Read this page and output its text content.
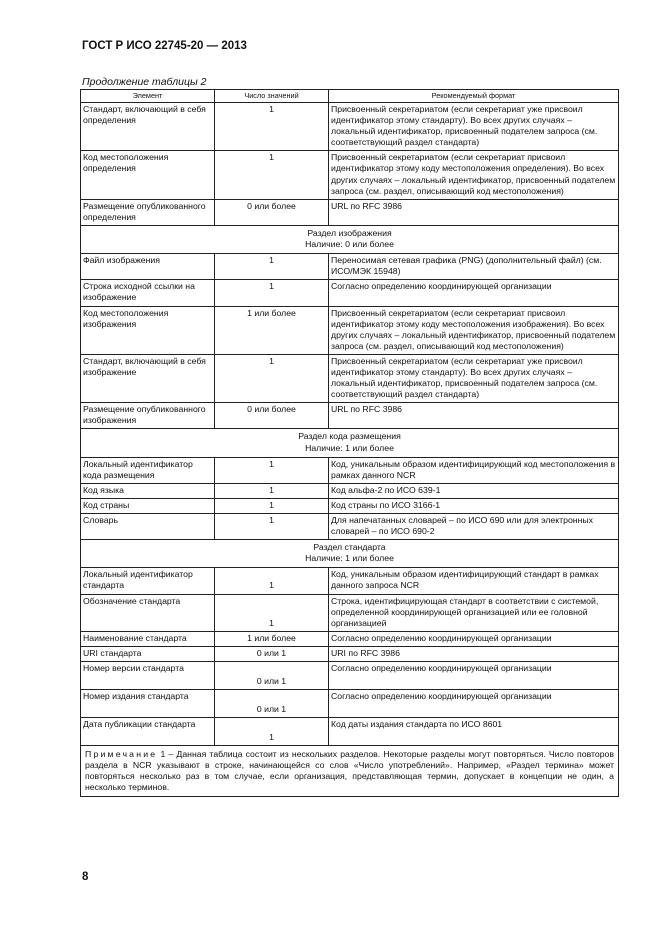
ГОСТ Р ИСО 22745-20 — 2013
Продолжение таблицы 2
Элемент	Число значений	Рекомендуемый формат
Стандарт, включающий в себя определения	1	Присвоенный секретариатом (если секретариат уже присвоил идентификатор этому стандарту). Во всех других случаях – локальный идентификатор, присвоенный подателем запроса (см. соответствующий раздел стандарта)
Код местоположения определения	1	Присвоенный секретариатом (если секретариат присвоил идентификатор этому коду местоположения определения). Во всех других случаях – локальный идентификатор, присвоенный подателем запроса (см. раздел, описывающий код местоположения)
Размещение опубликованного определения	0 или более	URL по RFC 3986

Раздел изображения
Наличие: 0 или более		

Файл изображения	1	Переносимая сетевая графика (PNG) (дополнительный файл) (см. ИСО/МЭК 15948)
Строка исходной ссылки на изображение	1	Согласно определению координирующей организации
Код местоположения изображения	1 или более	Присвоенный секретариатом (если секретариат присвоил идентификатор этому коду местоположения изображения). Во всех других случаях – локальный идентификатор, присвоенный подателем запроса (см. раздел, описывающий код местоположения)
Стандарт, включающий в себя изображение	1	Присвоенный секретариатом (если секретариат уже присвоил идентификатор этому стандарту). Во всех других случаях – локальный идентификатор, присвоенный подателем запроса (см. соответствующий раздел стандарта)
Размещение опубликованного изображения	0 или более	URL по RFC 3986

Раздел кода размещения
Наличие: 1 или более		

Локальный идентификатор кода размещения	1	Код, уникальным образом идентифицирующий код местоположения в рамках данного NCR
Код языка	1	Код альфа-2 по ИСО 639-1
Код страны	1	Код страны по ИСО 3166-1
Словарь	1	Для напечатанных словарей – по ИСО 690 или для электронных словарей – по ИСО 690-2

Раздел стандарта
Наличие: 1 или более		

Локальный идентификатор стандарта	1	Код, уникальным образом идентифицирующий стандарт в рамках данного запроса NCR
Обозначение стандарта	1	Строка, идентифицирующая стандарт в соответствии с системой, определенной координирующей организацией или ее головной организацией
Наименование стандарта	1 или более	Согласно определению координирующей организации
URI стандарта	0 или 1	URI по RFC 3986
Номер версии стандарта	0 или 1	Согласно определению координирующей организации
Номер издания стандарта	0 или 1	Согласно определению координирующей организации
Дата публикации стандарта	1	Код даты издания стандарта по ИСО 8601
Примечание 1 – Данная таблица состоит из нескольких разделов. Некоторые разделы могут повторяться. Число повторов раздела в NCR указывают в строке, начинающейся со слов «Число употреблений». Например, «Раздел термина» может повторяться несколько раз в том случае, если организация, представляющая термин, допускает в концепции не один, а несколько терминов.		
8
